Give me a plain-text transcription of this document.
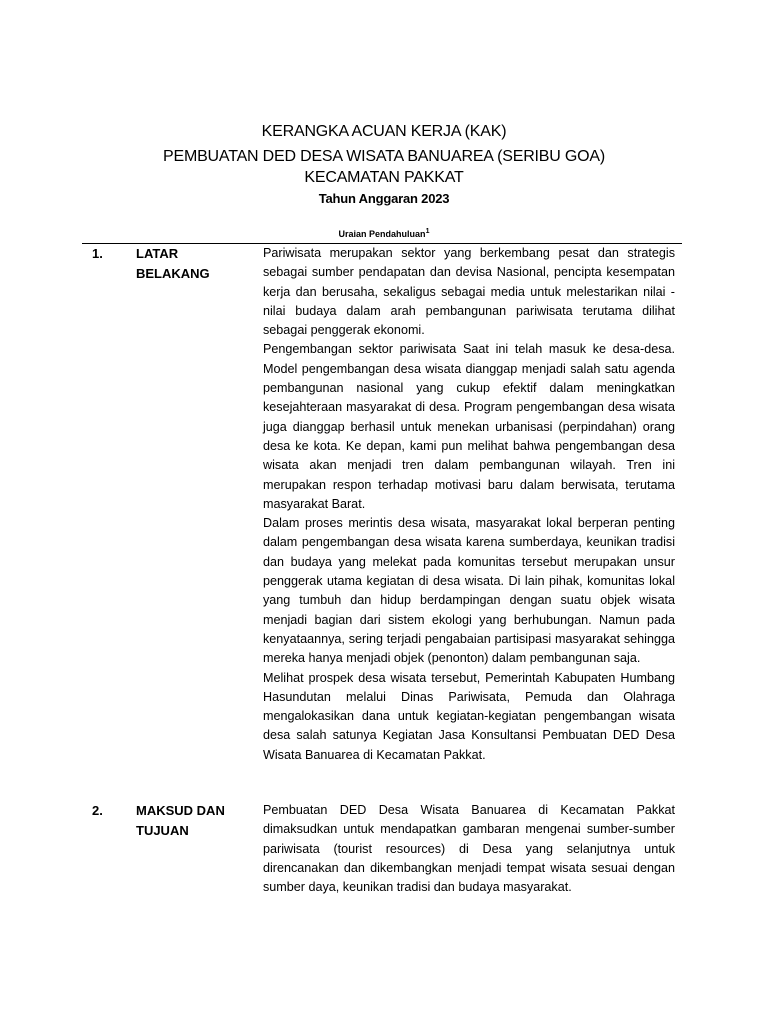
KERANGKA ACUAN KERJA (KAK)
PEMBUATAN DED DESA WISATA BANUAREA (SERIBU GOA)
KECAMATAN PAKKAT
Tahun Anggaran 2023
Uraian Pendahuluan$^1$
1.	LATAR
BELAKANG

Pariwisata merupakan sektor yang berkembang pesat dan strategis sebagai sumber pendapatan dan devisa Nasional, pencipta kesempatan kerja dan berusaha, sekaligus sebagai media untuk melestarikan nilai - nilai budaya dalam arah pembangunan pariwisata terutama dilihat sebagai penggerak ekonomi.

Pengembangan sektor pariwisata Saat ini telah masuk ke desa-desa. Model pengembangan desa wisata dianggap menjadi salah satu agenda pembangunan nasional yang cukup efektif dalam meningkatkan kesejahteraan masyarakat di desa. Program pengembangan desa wisata juga dianggap berhasil untuk menekan urbanisasi (perpindahan) orang desa ke kota. Ke depan, kami pun melihat bahwa pengembangan desa wisata akan menjadi tren dalam pembangunan wilayah. Tren ini merupakan respon terhadap motivasi baru dalam berwisata, terutama masyarakat Barat.

Dalam proses merintis desa wisata, masyarakat lokal berperan penting dalam pengembangan desa wisata karena sumberdaya, keunikan tradisi dan budaya yang melekat pada komunitas tersebut merupakan unsur penggerak utama kegiatan di desa wisata. Di lain pihak, komunitas lokal yang tumbuh dan hidup berdampingan dengan suatu objek wisata menjadi bagian dari sistem ekologi yang berhubungan. Namun pada kenyataannya, sering terjadi pengabaian partisipasi masyarakat sehingga mereka hanya menjadi objek (penonton) dalam pembangunan saja.

Melihat prospek desa wisata tersebut, Pemerintah Kabupaten Humbang Hasundutan melalui Dinas Pariwisata, Pemuda dan Olahraga mengalokasikan dana untuk kegiatan-kegiatan pengembangan wisata desa salah satunya Kegiatan Jasa Konsultansi Pembuatan DED Desa Wisata Banuarea di Kecamatan Pakkat.

2.	MAKSUD DAN
TUJUAN

Pembuatan DED Desa Wisata Banuarea di Kecamatan Pakkat dimaksudkan untuk mendapatkan gambaran mengenai sumber-sumber pariwisata (tourist resources) di Desa yang selanjutnya untuk direncanakan dan dikembangkan menjadi tempat wisata sesuai dengan sumber daya, keunikan tradisi dan budaya masyarakat.
